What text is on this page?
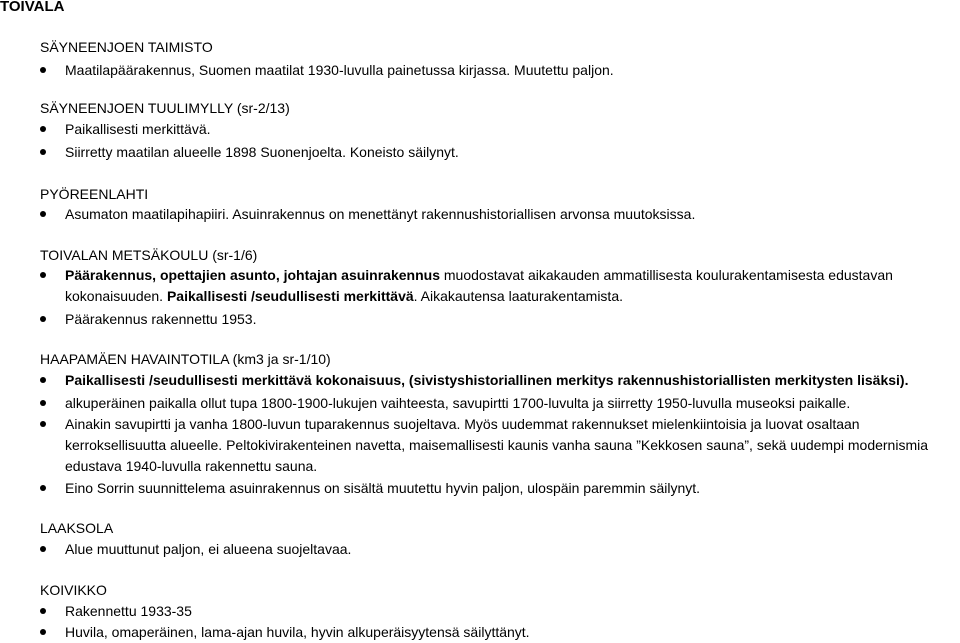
TOIVALA
SÄYNEENJOEN TAIMISTO
Maatilapäärakennus, Suomen maatilat 1930-luvulla painetussa kirjassa. Muutettu paljon.
SÄYNEENJOEN TUULIMYLLY (sr-2/13)
Paikallisesti merkittävä.
Siirretty maatilan alueelle 1898 Suonenjoelta. Koneisto säilynyt.
PYÖREENLAHTI
Asumaton maatilapihapiiri. Asuinrakennus on menettänyt rakennushistoriallisen arvonsa muutoksissa.
TOIVALAN METSÄKOULU (sr-1/6)
Päärakennus, opettajien asunto, johtajan asuinrakennus muodostavat aikakauden ammatillisesta koulurakentamisesta edustavan kokonaisuuden. Paikallisesti /seudullisesti merkittävä. Aikakautensa laaturakentamista.
Päärakennus rakennettu 1953.
HAAPAMÄEN HAVAINTOTILA (km3 ja sr-1/10)
Paikallisesti /seudullisesti merkittävä kokonaisuus, (sivistyshistoriallinen merkitys rakennushistoriallisten merkitysten lisäksi).
alkuperäinen paikalla ollut tupa 1800-1900-lukujen vaihteesta, savupirtti 1700-luvulta ja siirretty 1950-luvulla museoksi paikalle.
Ainakin savupirtti ja vanha 1800-luvun tuparakennus suojeltava. Myös uudemmat rakennukset mielenkiintoisia ja luovat osaltaan kerroksellisuutta alueelle. Peltokivirakenteinen navetta, maisemallisesti kaunis vanha sauna ”Kekkosen sauna”, sekä uudempi modernismia edustava 1940-luvulla rakennettu sauna.
Eino Sorrin suunnittelema asuinrakennus on sisältä muutettu hyvin paljon, ulospäin paremmin säilynyt.
LAAKSOLA
Alue muuttunut paljon, ei alueena suojeltavaa.
KOIVIKKO
Rakennettu 1933-35
Huvila, omaperäinen, lama-ajan huvila, hyvin alkuperäisyytensä säilyttänyt.
